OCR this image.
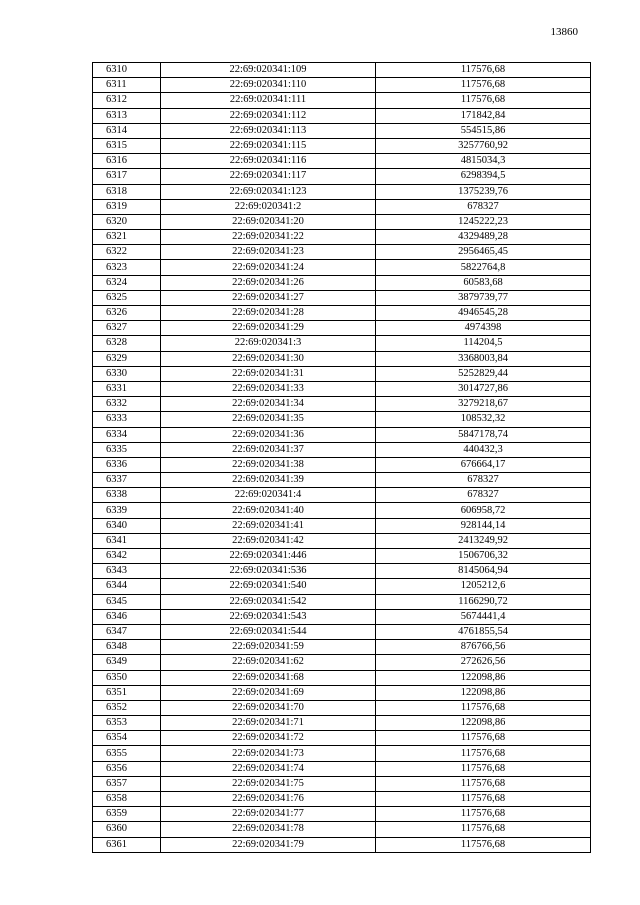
13860
6310	22:69:020341:109	117576,68
6311	22:69:020341:110	117576,68
6312	22:69:020341:111	117576,68
6313	22:69:020341:112	171842,84
6314	22:69:020341:113	554515,86
6315	22:69:020341:115	3257760,92
6316	22:69:020341:116	4815034,3
6317	22:69:020341:117	6298394,5
6318	22:69:020341:123	1375239,76
6319	22:69:020341:2	678327
6320	22:69:020341:20	1245222,23
6321	22:69:020341:22	4329489,28
6322	22:69:020341:23	2956465,45
6323	22:69:020341:24	5822764,8
6324	22:69:020341:26	60583,68
6325	22:69:020341:27	3879739,77
6326	22:69:020341:28	4946545,28
6327	22:69:020341:29	4974398
6328	22:69:020341:3	114204,5
6329	22:69:020341:30	3368003,84
6330	22:69:020341:31	5252829,44
6331	22:69:020341:33	3014727,86
6332	22:69:020341:34	3279218,67
6333	22:69:020341:35	108532,32
6334	22:69:020341:36	5847178,74
6335	22:69:020341:37	440432,3
6336	22:69:020341:38	676664,17
6337	22:69:020341:39	678327
6338	22:69:020341:4	678327
6339	22:69:020341:40	606958,72
6340	22:69:020341:41	928144,14
6341	22:69:020341:42	2413249,92
6342	22:69:020341:446	1506706,32
6343	22:69:020341:536	8145064,94
6344	22:69:020341:540	1205212,6
6345	22:69:020341:542	1166290,72
6346	22:69:020341:543	5674441,4
6347	22:69:020341:544	4761855,54
6348	22:69:020341:59	876766,56
6349	22:69:020341:62	272626,56
6350	22:69:020341:68	122098,86
6351	22:69:020341:69	122098,86
6352	22:69:020341:70	117576,68
6353	22:69:020341:71	122098,86
6354	22:69:020341:72	117576,68
6355	22:69:020341:73	117576,68
6356	22:69:020341:74	117576,68
6357	22:69:020341:75	117576,68
6358	22:69:020341:76	117576,68
6359	22:69:020341:77	117576,68
6360	22:69:020341:78	117576,68
6361	22:69:020341:79	117576,68
